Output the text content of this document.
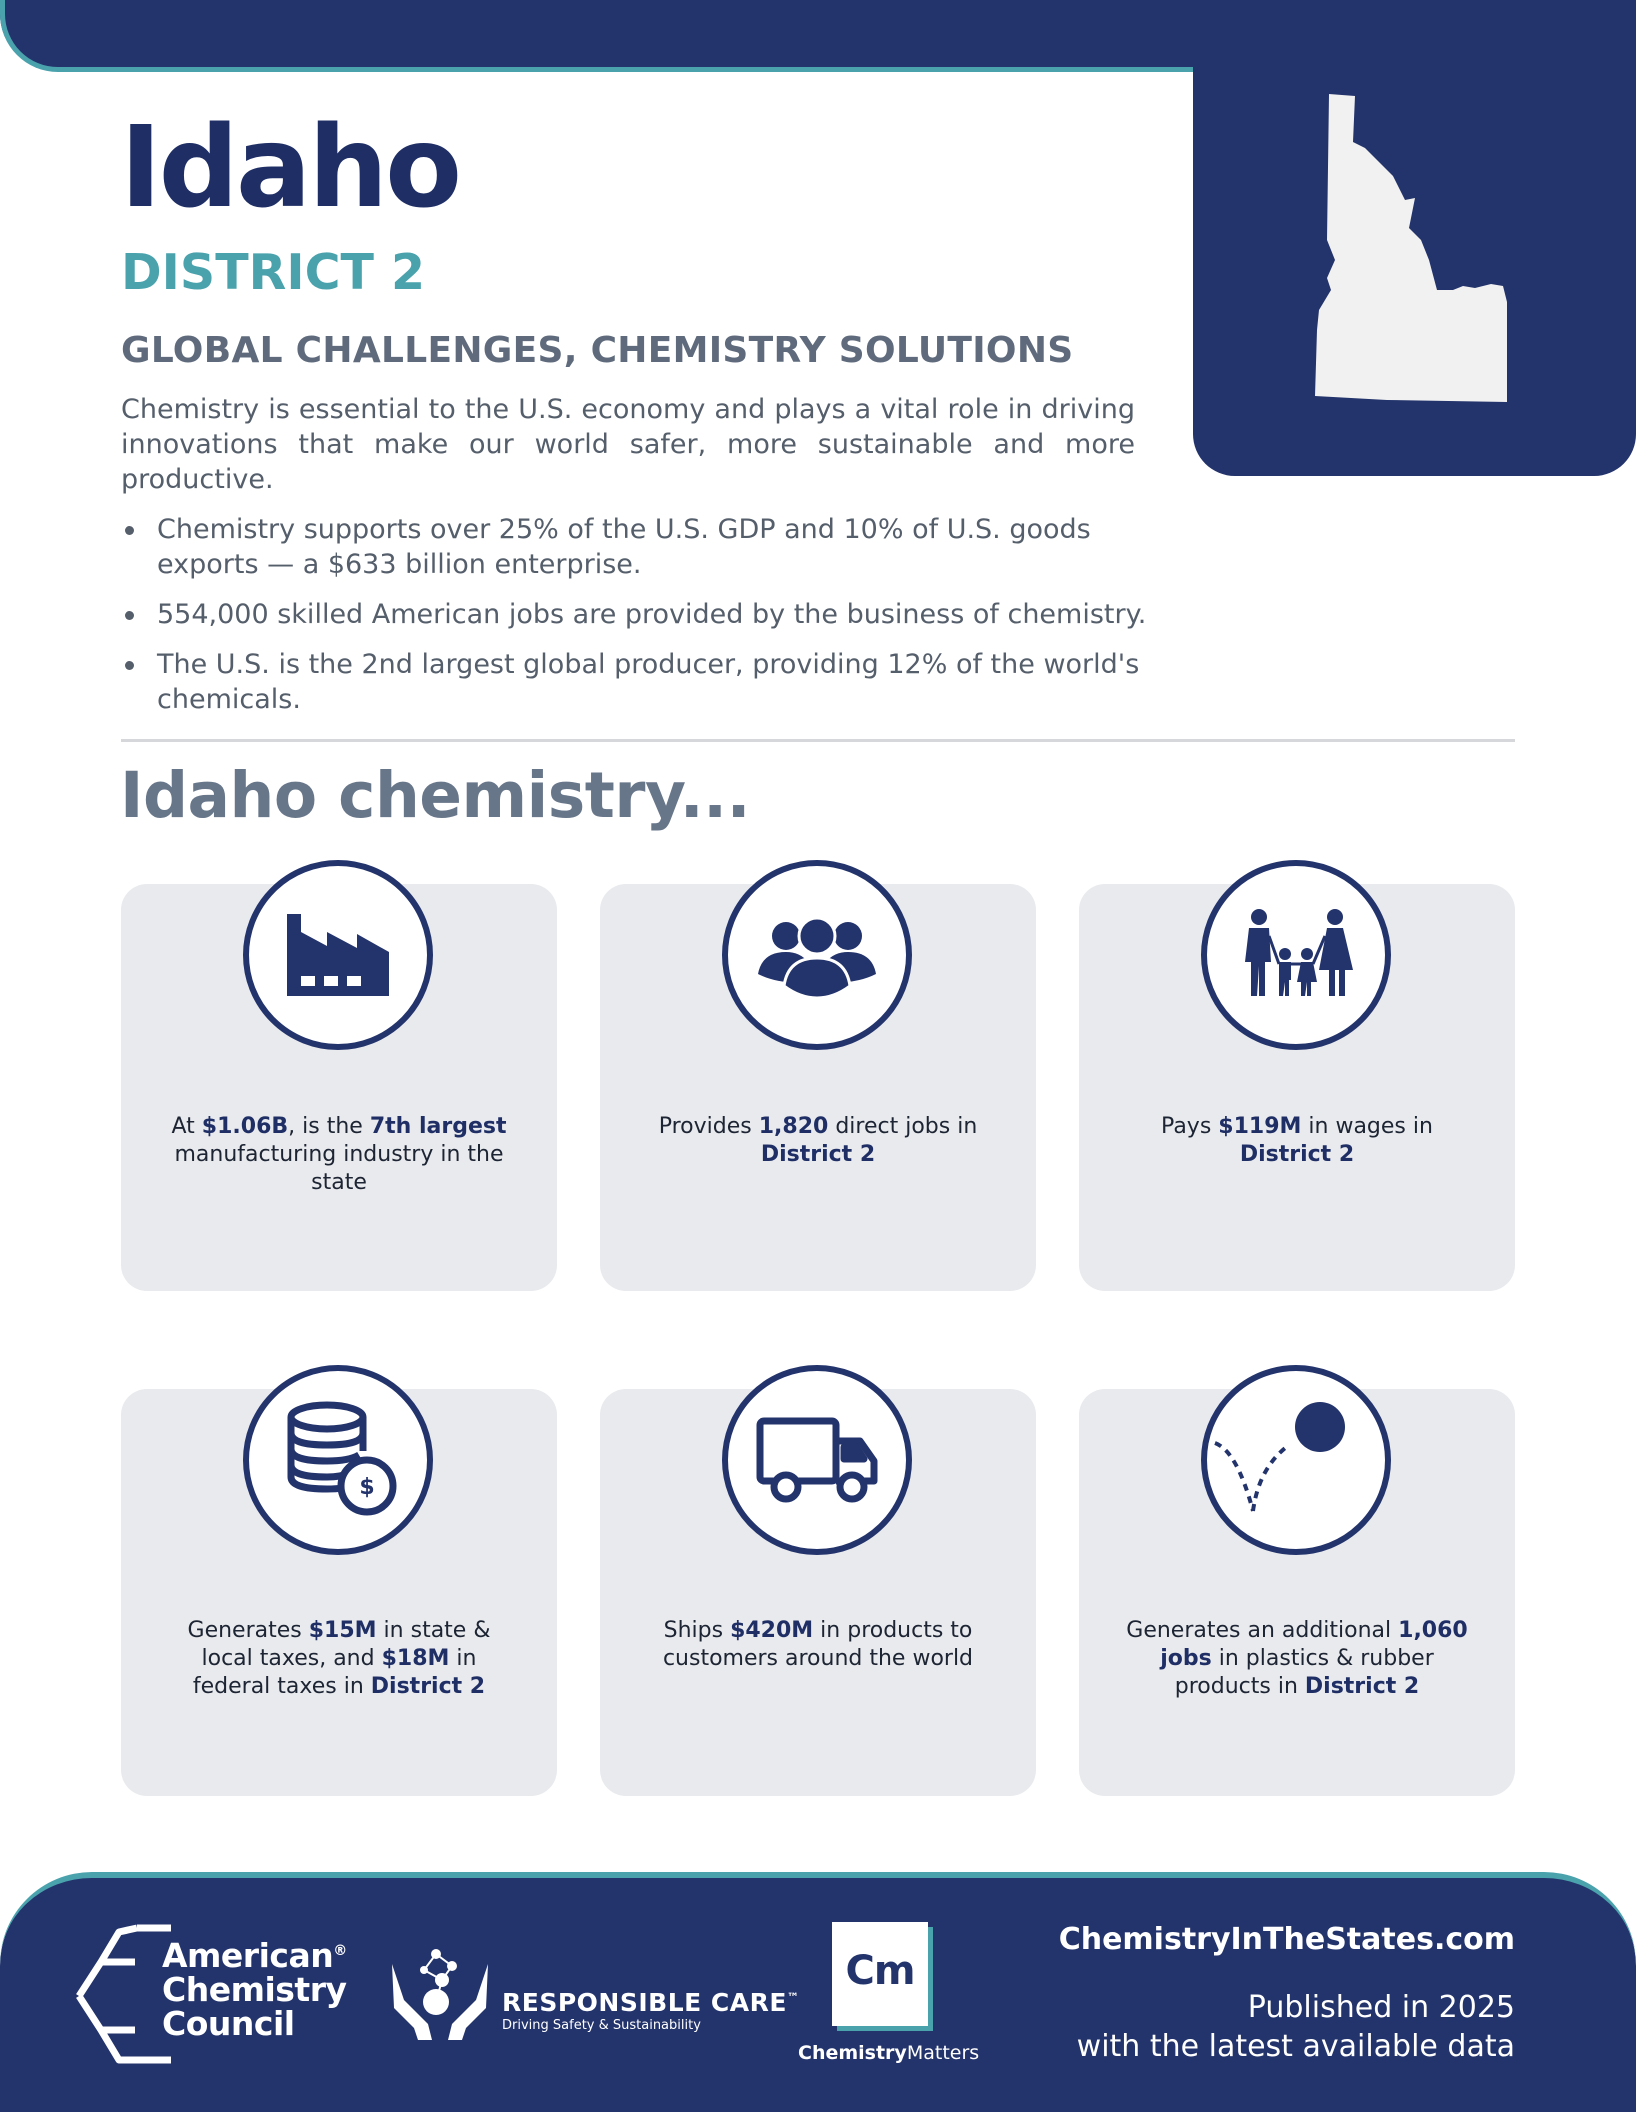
Idaho
DISTRICT 2
GLOBAL CHALLENGES, CHEMISTRY SOLUTIONS

Chemistry is essential to the U.S. economy and plays a vital role in driving innovations that make our world safer, more sustainable and more productive.

Chemistry supports over 25% of the U.S. GDP and 10% of U.S. goods exports — a $633 billion enterprise.
554,000 skilled American jobs are provided by the business of chemistry.
The U.S. is the 2nd largest global producer, providing 12% of the world's chemicals.
Idaho chemistry...
At $1.06B, is the 7th largest manufacturing industry in the state
Provides 1,820 direct jobs in District 2
Pays $119M in wages in District 2
$
Generates $15M in state & local taxes, and $18M in federal taxes in District 2
Ships $420M in products to customers around the world
Generates an additional 1,060 jobs in plastics & rubber products in District 2
American®
Chemistry
Council
RESPONSIBLE CARE™
Driving Safety & Sustainability
Cm
ChemistryMatters
ChemistryInTheStates.com
Published in 2025
with the latest available data
